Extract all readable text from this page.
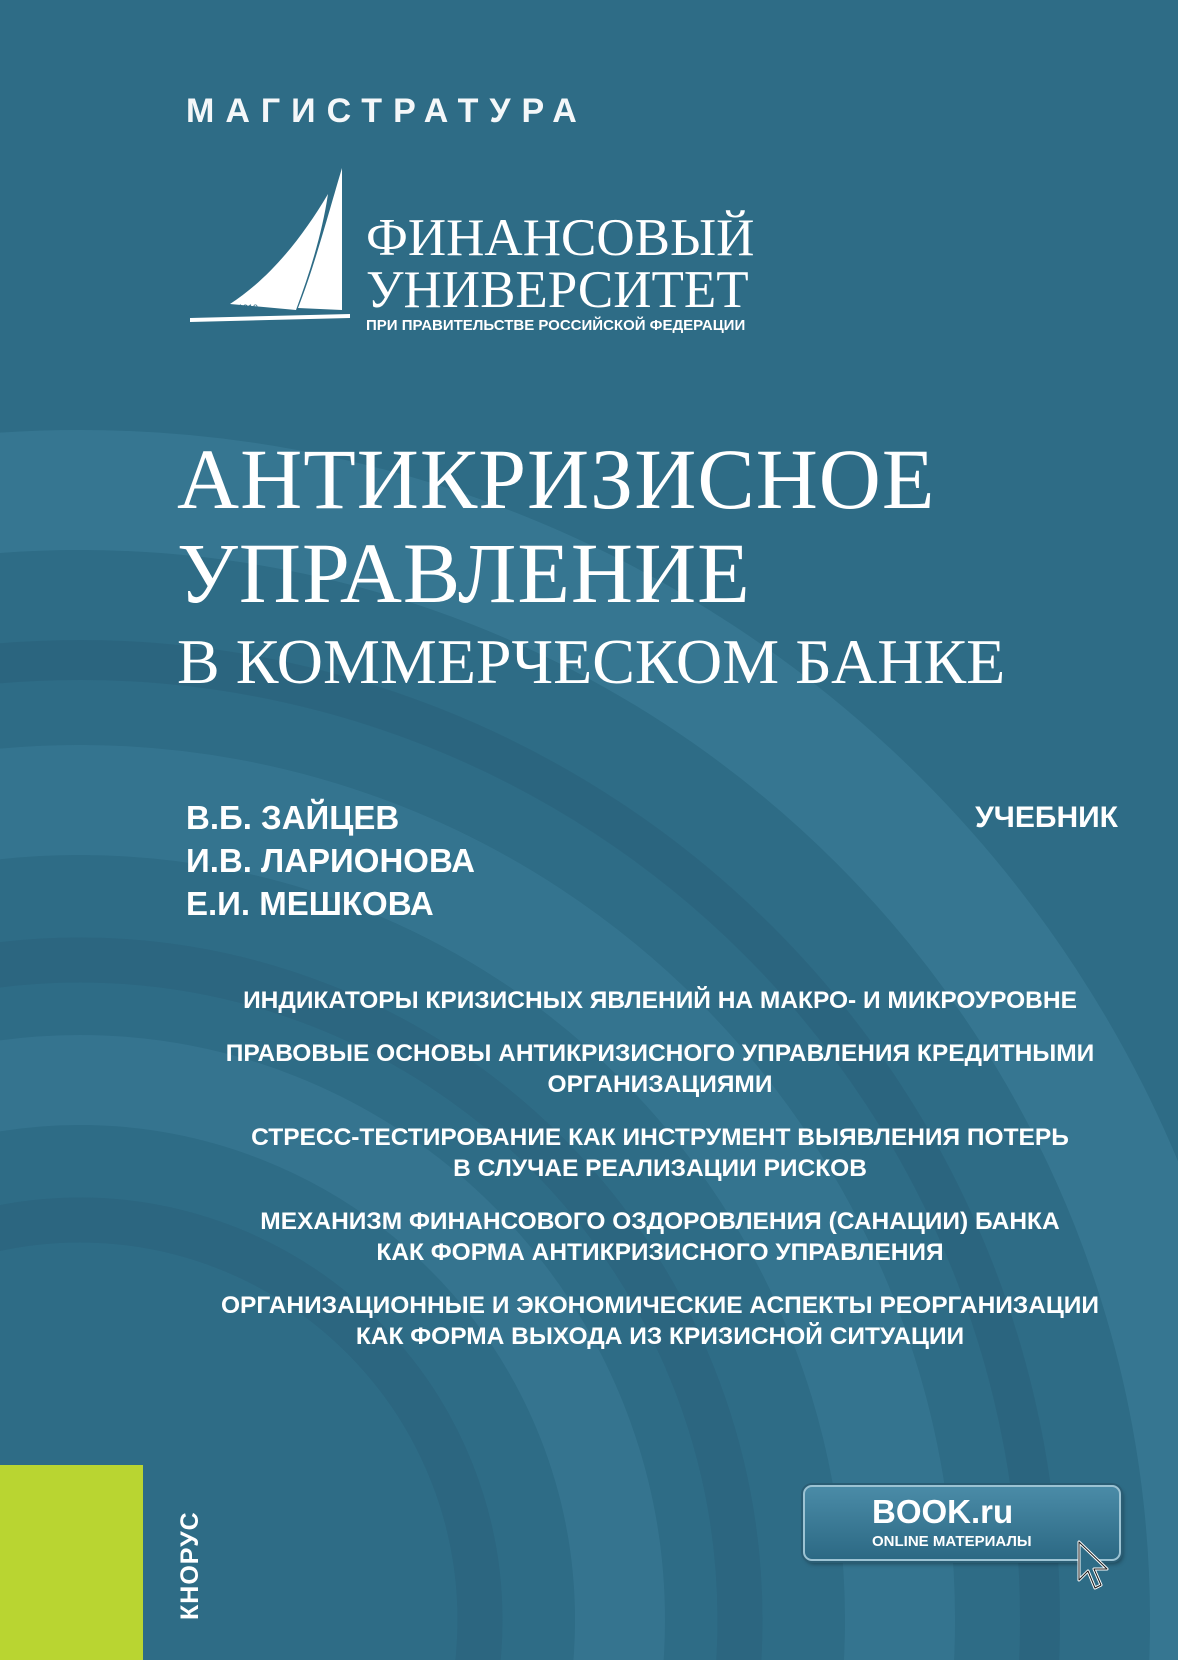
МАГИСТРАТУРА
1919
ФИНАНСОВЫЙ
УНИВЕРСИТЕТ
ПРИ ПРАВИТЕЛЬСТВЕ РОССИЙСКОЙ ФЕДЕРАЦИИ
АНТИКРИЗИСНОЕ
УПРАВЛЕНИЕ
В КОММЕРЧЕСКОМ БАНКЕ
В.Б. ЗАЙЦЕВ
И.В. ЛАРИОНОВА
Е.И. МЕШКОВА
УЧЕБНИК
ИНДИКАТОРЫ КРИЗИСНЫХ ЯВЛЕНИЙ НА МАКРО- И МИКРОУРОВНЕ
ПРАВОВЫЕ ОСНОВЫ АНТИКРИЗИСНОГО УПРАВЛЕНИЯ КРЕДИТНЫМИ
ОРГАНИЗАЦИЯМИ
СТРЕСС-ТЕСТИРОВАНИЕ КАК ИНСТРУМЕНТ ВЫЯВЛЕНИЯ ПОТЕРЬ
В СЛУЧАЕ РЕАЛИЗАЦИИ РИСКОВ
МЕХАНИЗМ ФИНАНСОВОГО ОЗДОРОВЛЕНИЯ (САНАЦИИ) БАНКА
КАК ФОРМА АНТИКРИЗИСНОГО УПРАВЛЕНИЯ
ОРГАНИЗАЦИОННЫЕ И ЭКОНОМИЧЕСКИЕ АСПЕКТЫ РЕОРГАНИЗАЦИИ
КАК ФОРМА ВЫХОДА ИЗ КРИЗИСНОЙ СИТУАЦИИ
КНОРУС	BOOK.ru
ONLINE МАТЕРИАЛЫ
